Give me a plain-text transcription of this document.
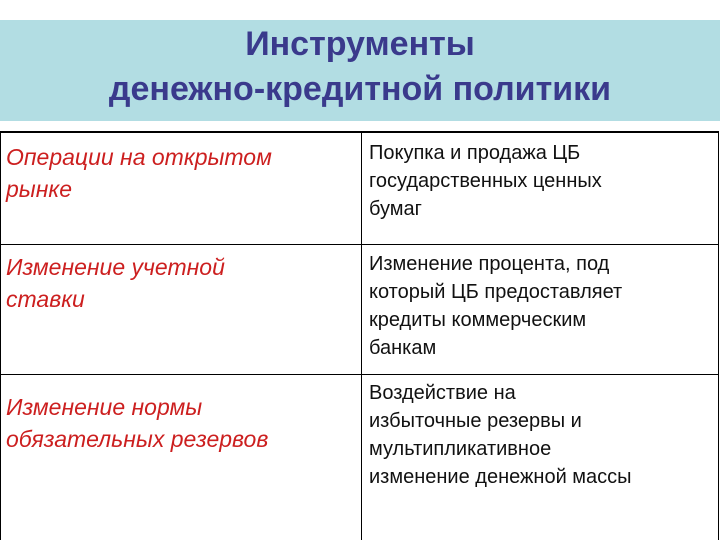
Инструменты
денежно-кредитной политики
Операции на открытом
рынке
Покупка и продажа ЦБ
государственных ценных
бумаг
Изменение учетной
ставки
Изменение процента, под
который ЦБ предоставляет
кредиты коммерческим
банкам
Изменение нормы
обязательных резервов
Воздействие на
избыточные резервы и
мультипликативное
изменение денежной массы
